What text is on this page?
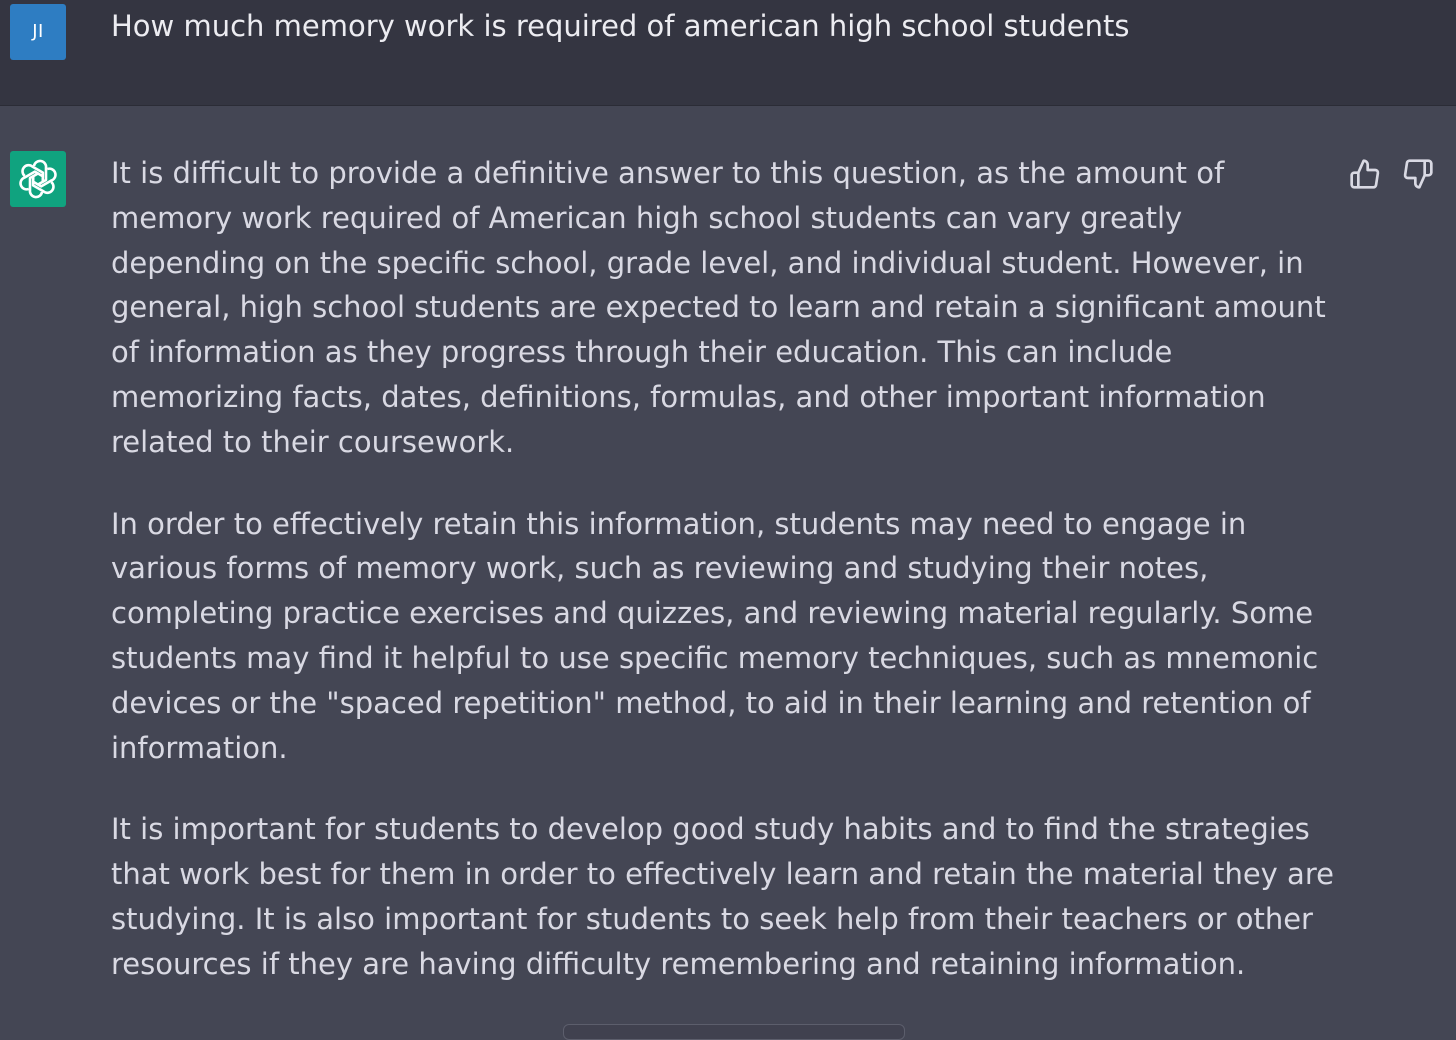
JI	How much memory work is required of american high school students

It is difficult to provide a definitive answer to this question, as the amount of memory work required of American high school students can vary greatly depending on the specific school, grade level, and individual student. However, in general, high school students are expected to learn and retain a significant amount of information as they progress through their education. This can include memorizing facts, dates, definitions, formulas, and other important information related to their coursework.

In order to effectively retain this information, students may need to engage in various forms of memory work, such as reviewing and studying their notes, completing practice exercises and quizzes, and reviewing material regularly. Some students may find it helpful to use specific memory techniques, such as mnemonic devices or the "spaced repetition" method, to aid in their learning and retention of information.

It is important for students to develop good study habits and to find the strategies that work best for them in order to effectively learn and retain the material they are studying. It is also important for students to seek help from their teachers or other resources if they are having difficulty remembering and retaining information.
